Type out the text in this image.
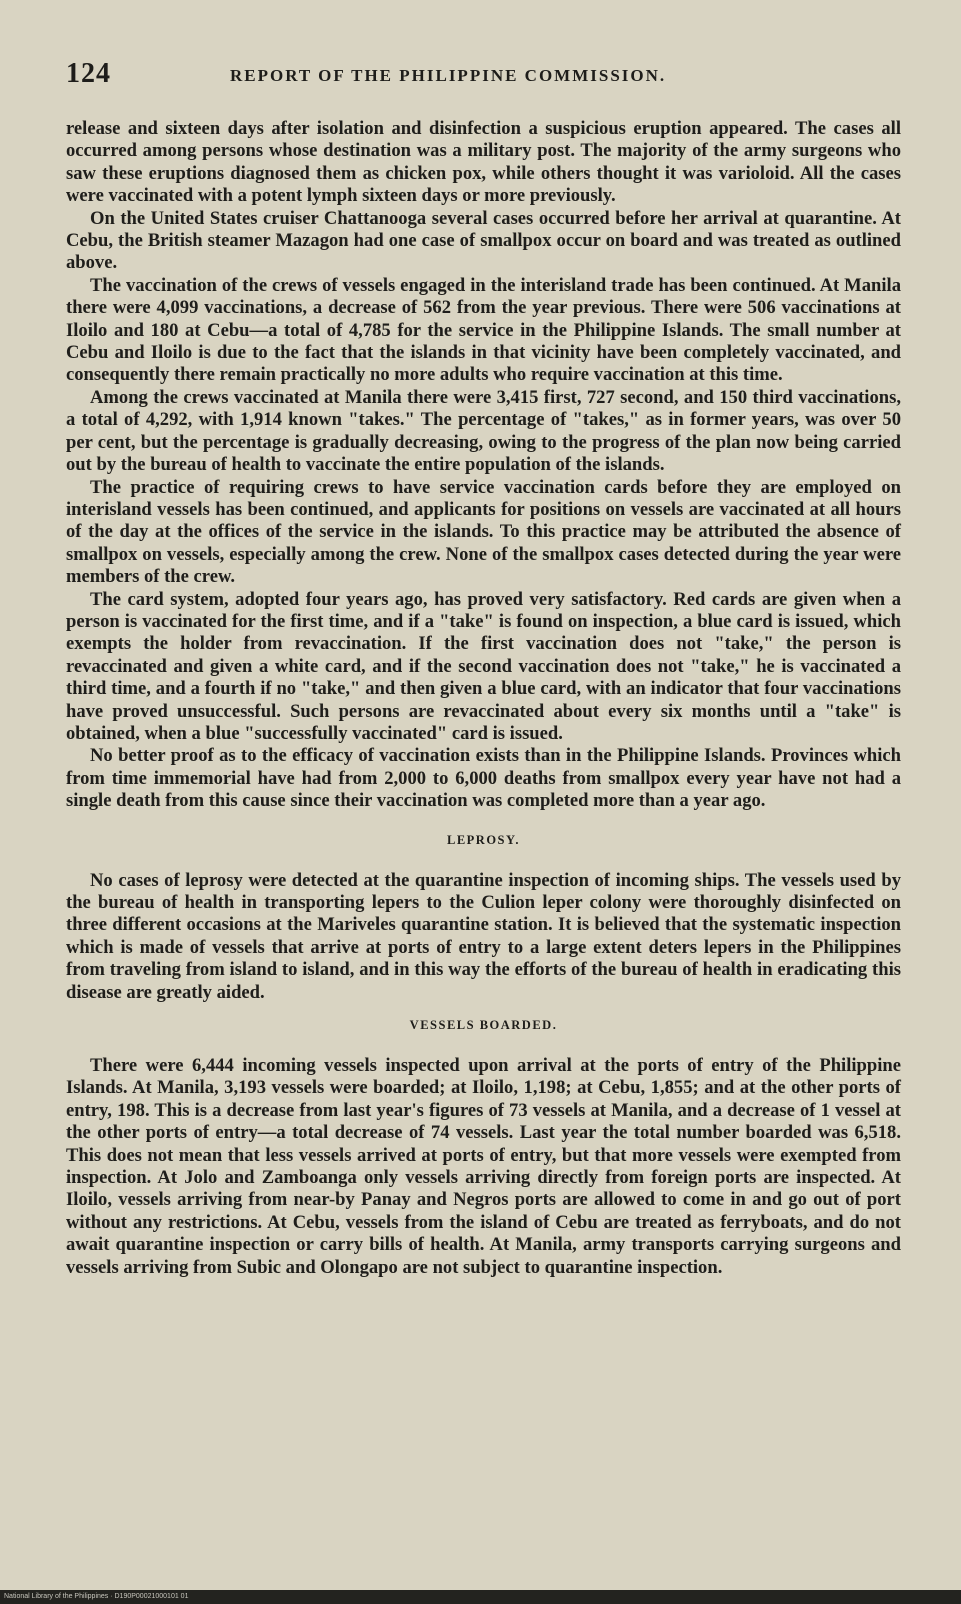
124	REPORT OF THE PHILIPPINE COMMISSION.

release and sixteen days after isolation and disinfection a suspicious eruption appeared. The cases all occurred among persons whose destination was a military post. The majority of the army surgeons who saw these eruptions diagnosed them as chicken pox, while others thought it was varioloid. All the cases were vaccinated with a potent lymph sixteen days or more previously.

On the United States cruiser Chattanooga several cases occurred before her arrival at quarantine. At Cebu, the British steamer Mazagon had one case of smallpox occur on board and was treated as outlined above.

The vaccination of the crews of vessels engaged in the interisland trade has been continued. At Manila there were 4,099 vaccinations, a decrease of 562 from the year previous. There were 506 vaccinations at Iloilo and 180 at Cebu—a total of 4,785 for the service in the Philippine Islands. The small number at Cebu and Iloilo is due to the fact that the islands in that vicinity have been completely vaccinated, and consequently there remain practically no more adults who require vaccination at this time.

Among the crews vaccinated at Manila there were 3,415 first, 727 second, and 150 third vaccinations, a total of 4,292, with 1,914 known "takes." The percentage of "takes," as in former years, was over 50 per cent, but the percentage is gradually decreasing, owing to the progress of the plan now being carried out by the bureau of health to vaccinate the entire population of the islands.

The practice of requiring crews to have service vaccination cards before they are employed on interisland vessels has been continued, and applicants for positions on vessels are vaccinated at all hours of the day at the offices of the service in the islands. To this practice may be attributed the absence of smallpox on vessels, especially among the crew. None of the smallpox cases detected during the year were members of the crew.

The card system, adopted four years ago, has proved very satisfactory. Red cards are given when a person is vaccinated for the first time, and if a "take" is found on inspection, a blue card is issued, which exempts the holder from revaccination. If the first vaccination does not "take," the person is revaccinated and given a white card, and if the second vaccination does not "take," he is vaccinated a third time, and a fourth if no "take," and then given a blue card, with an indicator that four vaccinations have proved unsuccessful. Such persons are revaccinated about every six months until a "take" is obtained, when a blue "successfully vaccinated" card is issued.

No better proof as to the efficacy of vaccination exists than in the Philippine Islands. Provinces which from time immemorial have had from 2,000 to 6,000 deaths from smallpox every year have not had a single death from this cause since their vaccination was completed more than a year ago.

LEPROSY.

No cases of leprosy were detected at the quarantine inspection of incoming ships. The vessels used by the bureau of health in transporting lepers to the Culion leper colony were thoroughly disinfected on three different occasions at the Mariveles quarantine station. It is believed that the systematic inspection which is made of vessels that arrive at ports of entry to a large extent deters lepers in the Philippines from traveling from island to island, and in this way the efforts of the bureau of health in eradicating this disease are greatly aided.

VESSELS BOARDED.

There were 6,444 incoming vessels inspected upon arrival at the ports of entry of the Philippine Islands. At Manila, 3,193 vessels were boarded; at Iloilo, 1,198; at Cebu, 1,855; and at the other ports of entry, 198. This is a decrease from last year's figures of 73 vessels at Manila, and a decrease of 1 vessel at the other ports of entry—a total decrease of 74 vessels. Last year the total number boarded was 6,518. This does not mean that less vessels arrived at ports of entry, but that more vessels were exempted from inspection. At Jolo and Zamboanga only vessels arriving directly from foreign ports are inspected. At Iloilo, vessels arriving from near-by Panay and Negros ports are allowed to come in and go out of port without any restrictions. At Cebu, vessels from the island of Cebu are treated as ferryboats, and do not await quarantine inspection or carry bills of health. At Manila, army transports carrying surgeons and vessels arriving from Subic and Olongapo are not subject to quarantine inspection.

National Library of the Philippines · D190P00021000101 01
